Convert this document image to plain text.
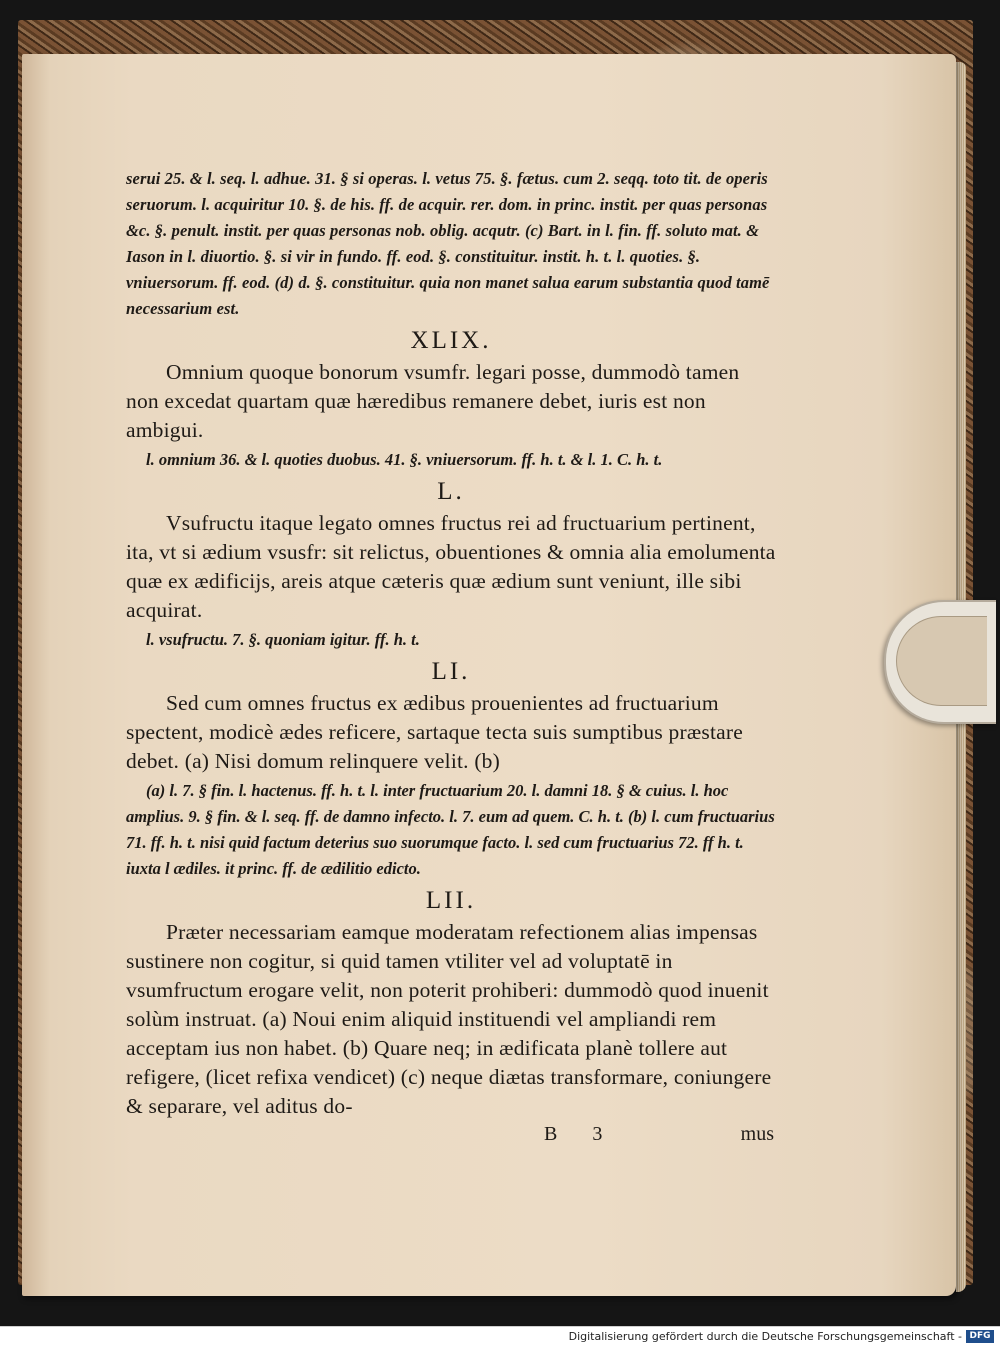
serui 25. & l. seq. l. adhue. 31. § si operas. l. vetus 75. §. fætus. cum 2. seqq. toto tit. de operis seruorum. l. acquiritur 10. §. de his. ff. de acquir. rer. dom. in princ. instit. per quas personas &c. §. penult. instit. per quas personas nob. oblig. acqutr. (c) Bart. in l. fin. ff. soluto mat. & Iason in l. diuortio. §. si vir in fundo. ff. eod. §. constituitur. instit. h. t. l. quoties. §. vniuersorum. ff. eod. (d) d. §. constituitur. quia non manet salua earum substantia quod tamē necessarium est.
XLIX.
Omnium quoque bonorum vsumfr. legari posse, dummodò tamen non excedat quartam quæ hæredibus remanere debet, iuris est non ambigui.
l. omnium 36. & l. quoties duobus. 41. §. vniuersorum. ff. h. t. & l. 1. C. h. t.
L.
Vsufructu itaque legato omnes fructus rei ad fructuarium pertinent, ita, vt si ædium vsusfr: sit relictus, obuentiones & omnia alia emolumenta quæ ex ædificijs, areis atque cæteris quæ ædium sunt veniunt, ille sibi acquirat.
l. vsufructu. 7. §. quoniam igitur. ff. h. t.
LI.
Sed cum omnes fructus ex ædibus prouenientes ad fructuarium spectent, modicè ædes reficere, sartaque tecta suis sumptibus præstare debet. (a) Nisi domum relinquere velit. (b)
(a) l. 7. § fin. l. hactenus. ff. h. t. l. inter fructuarium 20. l. damni 18. § & cuius. l. hoc amplius. 9. § fin. & l. seq. ff. de damno infecto. l. 7. eum ad quem. C. h. t. (b) l. cum fructuarius 71. ff. h. t. nisi quid factum deterius suo suorumque facto. l. sed cum fructuarius 72. ff h. t. iuxta l ædiles. it princ. ff. de ædilitio edicto.
LII.
Præter necessariam eamque moderatam refectionem alias impensas sustinere non cogitur, si quid tamen vtiliter vel ad voluptatē in vsumfructum erogare velit, non poterit prohiberi: dummodò quod inuenit solùm instruat. (a) Noui enim aliquid instituendi vel ampliandi rem acceptam ius non habet. (b) Quare neq; in ædificata planè tollere aut refigere, (licet refixa vendicet) (c) neque diætas transformare, coniungere & separare, vel aditus do-
B 3	mus
Digitalisierung gefördert durch die Deutsche Forschungsgemeinschaft - DFG
